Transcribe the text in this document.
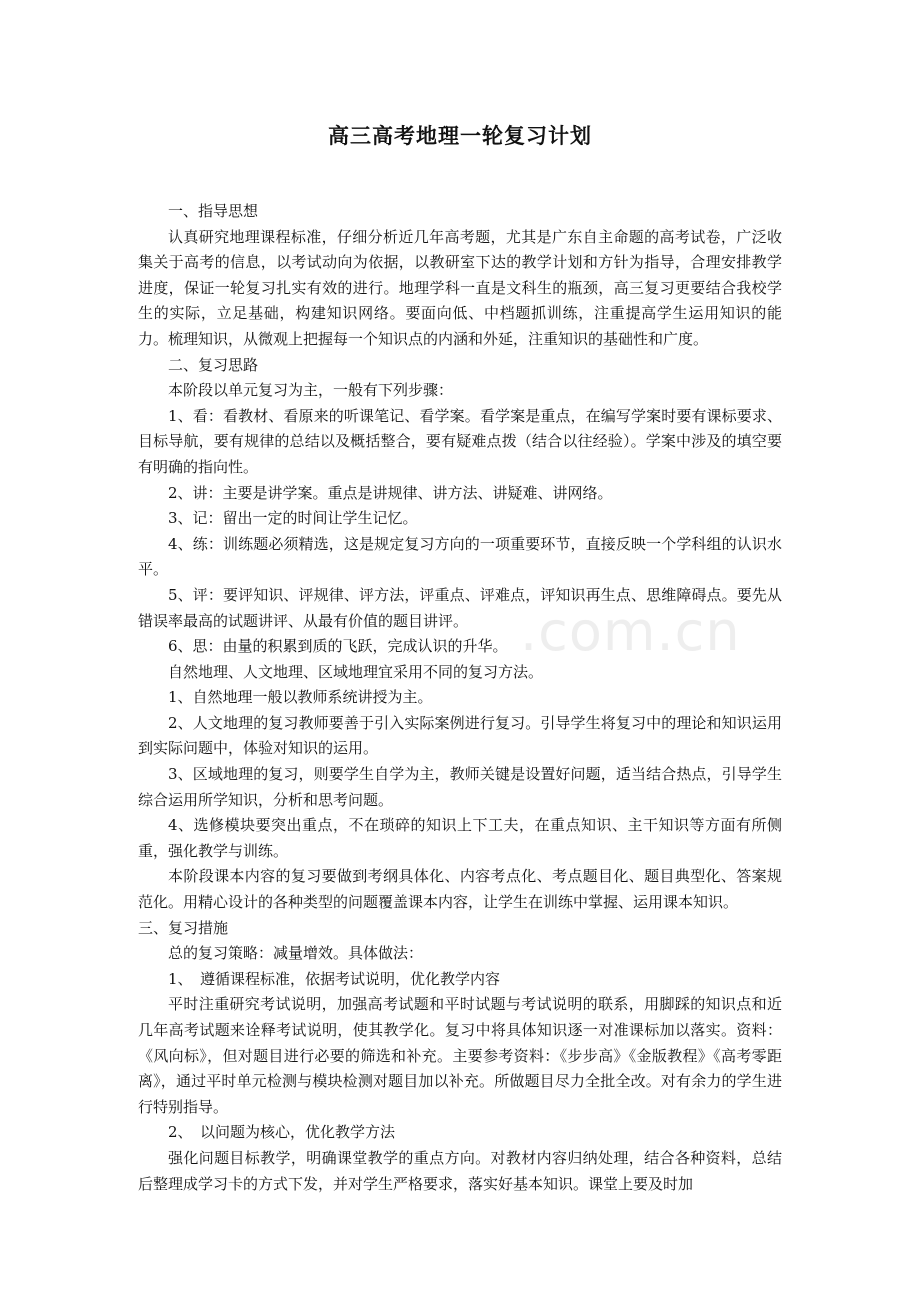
高三高考地理一轮复习计划

一、指导思想

认真研究地理课程标准，仔细分析近几年高考题，尤其是广东自主命题的高考试卷，广泛收集关于高考的信息，以考试动向为依据，以教研室下达的教学计划和方针为指导，合理安排教学进度，保证一轮复习扎实有效的进行。地理学科一直是文科生的瓶颈，高三复习更要结合我校学生的实际，立足基础，构建知识网络。要面向低、中档题抓训练，注重提高学生运用知识的能力。梳理知识，从微观上把握每一个知识点的内涵和外延，注重知识的基础性和广度。

二、复习思路

本阶段以单元复习为主，一般有下列步骤：

1、看：看教材、看原来的听课笔记、看学案。看学案是重点，在编写学案时要有课标要求、目标导航，要有规律的总结以及概括整合，要有疑难点拨（结合以往经验）。学案中涉及的填空要有明确的指向性。

2、讲：主要是讲学案。重点是讲规律、讲方法、讲疑难、讲网络。

3、记：留出一定的时间让学生记忆。

4、练：训练题必须精选，这是规定复习方向的一项重要环节，直接反映一个学科组的认识水平。

5、评：要评知识、评规律、评方法，评重点、评难点，评知识再生点、思维障碍点。要先从错误率最高的试题讲评、从最有价值的题目讲评。

6、思：由量的积累到质的飞跃，完成认识的升华。

自然地理、人文地理、区域地理宜采用不同的复习方法。

1、自然地理一般以教师系统讲授为主。

2、人文地理的复习教师要善于引入实际案例进行复习。引导学生将复习中的理论和知识运用到实际问题中，体验对知识的运用。

3、区域地理的复习，则要学生自学为主，教师关键是设置好问题，适当结合热点，引导学生综合运用所学知识，分析和思考问题。

4、选修模块要突出重点，不在琐碎的知识上下工夫，在重点知识、主干知识等方面有所侧重，强化教学与训练。

本阶段课本内容的复习要做到考纲具体化、内容考点化、考点题目化、题目典型化、答案规范化。用精心设计的各种类型的问题覆盖课本内容，让学生在训练中掌握、运用课本知识。

三、复习措施

总的复习策略：减量增效。具体做法：

1、　遵循课程标准，依据考试说明，优化教学内容

平时注重研究考试说明，加强高考试题和平时试题与考试说明的联系，用脚踩的知识点和近几年高考试题来诠释考试说明，使其教学化。复习中将具体知识逐一对准课标加以落实。资料：《风向标》，但对题目进行必要的筛选和补充。主要参考资料：《步步高》《金版教程》《高考零距离》，通过平时单元检测与模块检测对题目加以补充。所做题目尽力全批全改。对有余力的学生进行特别指导。

2、　以问题为核心，优化教学方法

强化问题目标教学，明确课堂教学的重点方向。对教材内容归纳处理，结合各种资料，总结后整理成学习卡的方式下发，并对学生严格要求，落实好基本知识。课堂上要及时加

.com.cn
